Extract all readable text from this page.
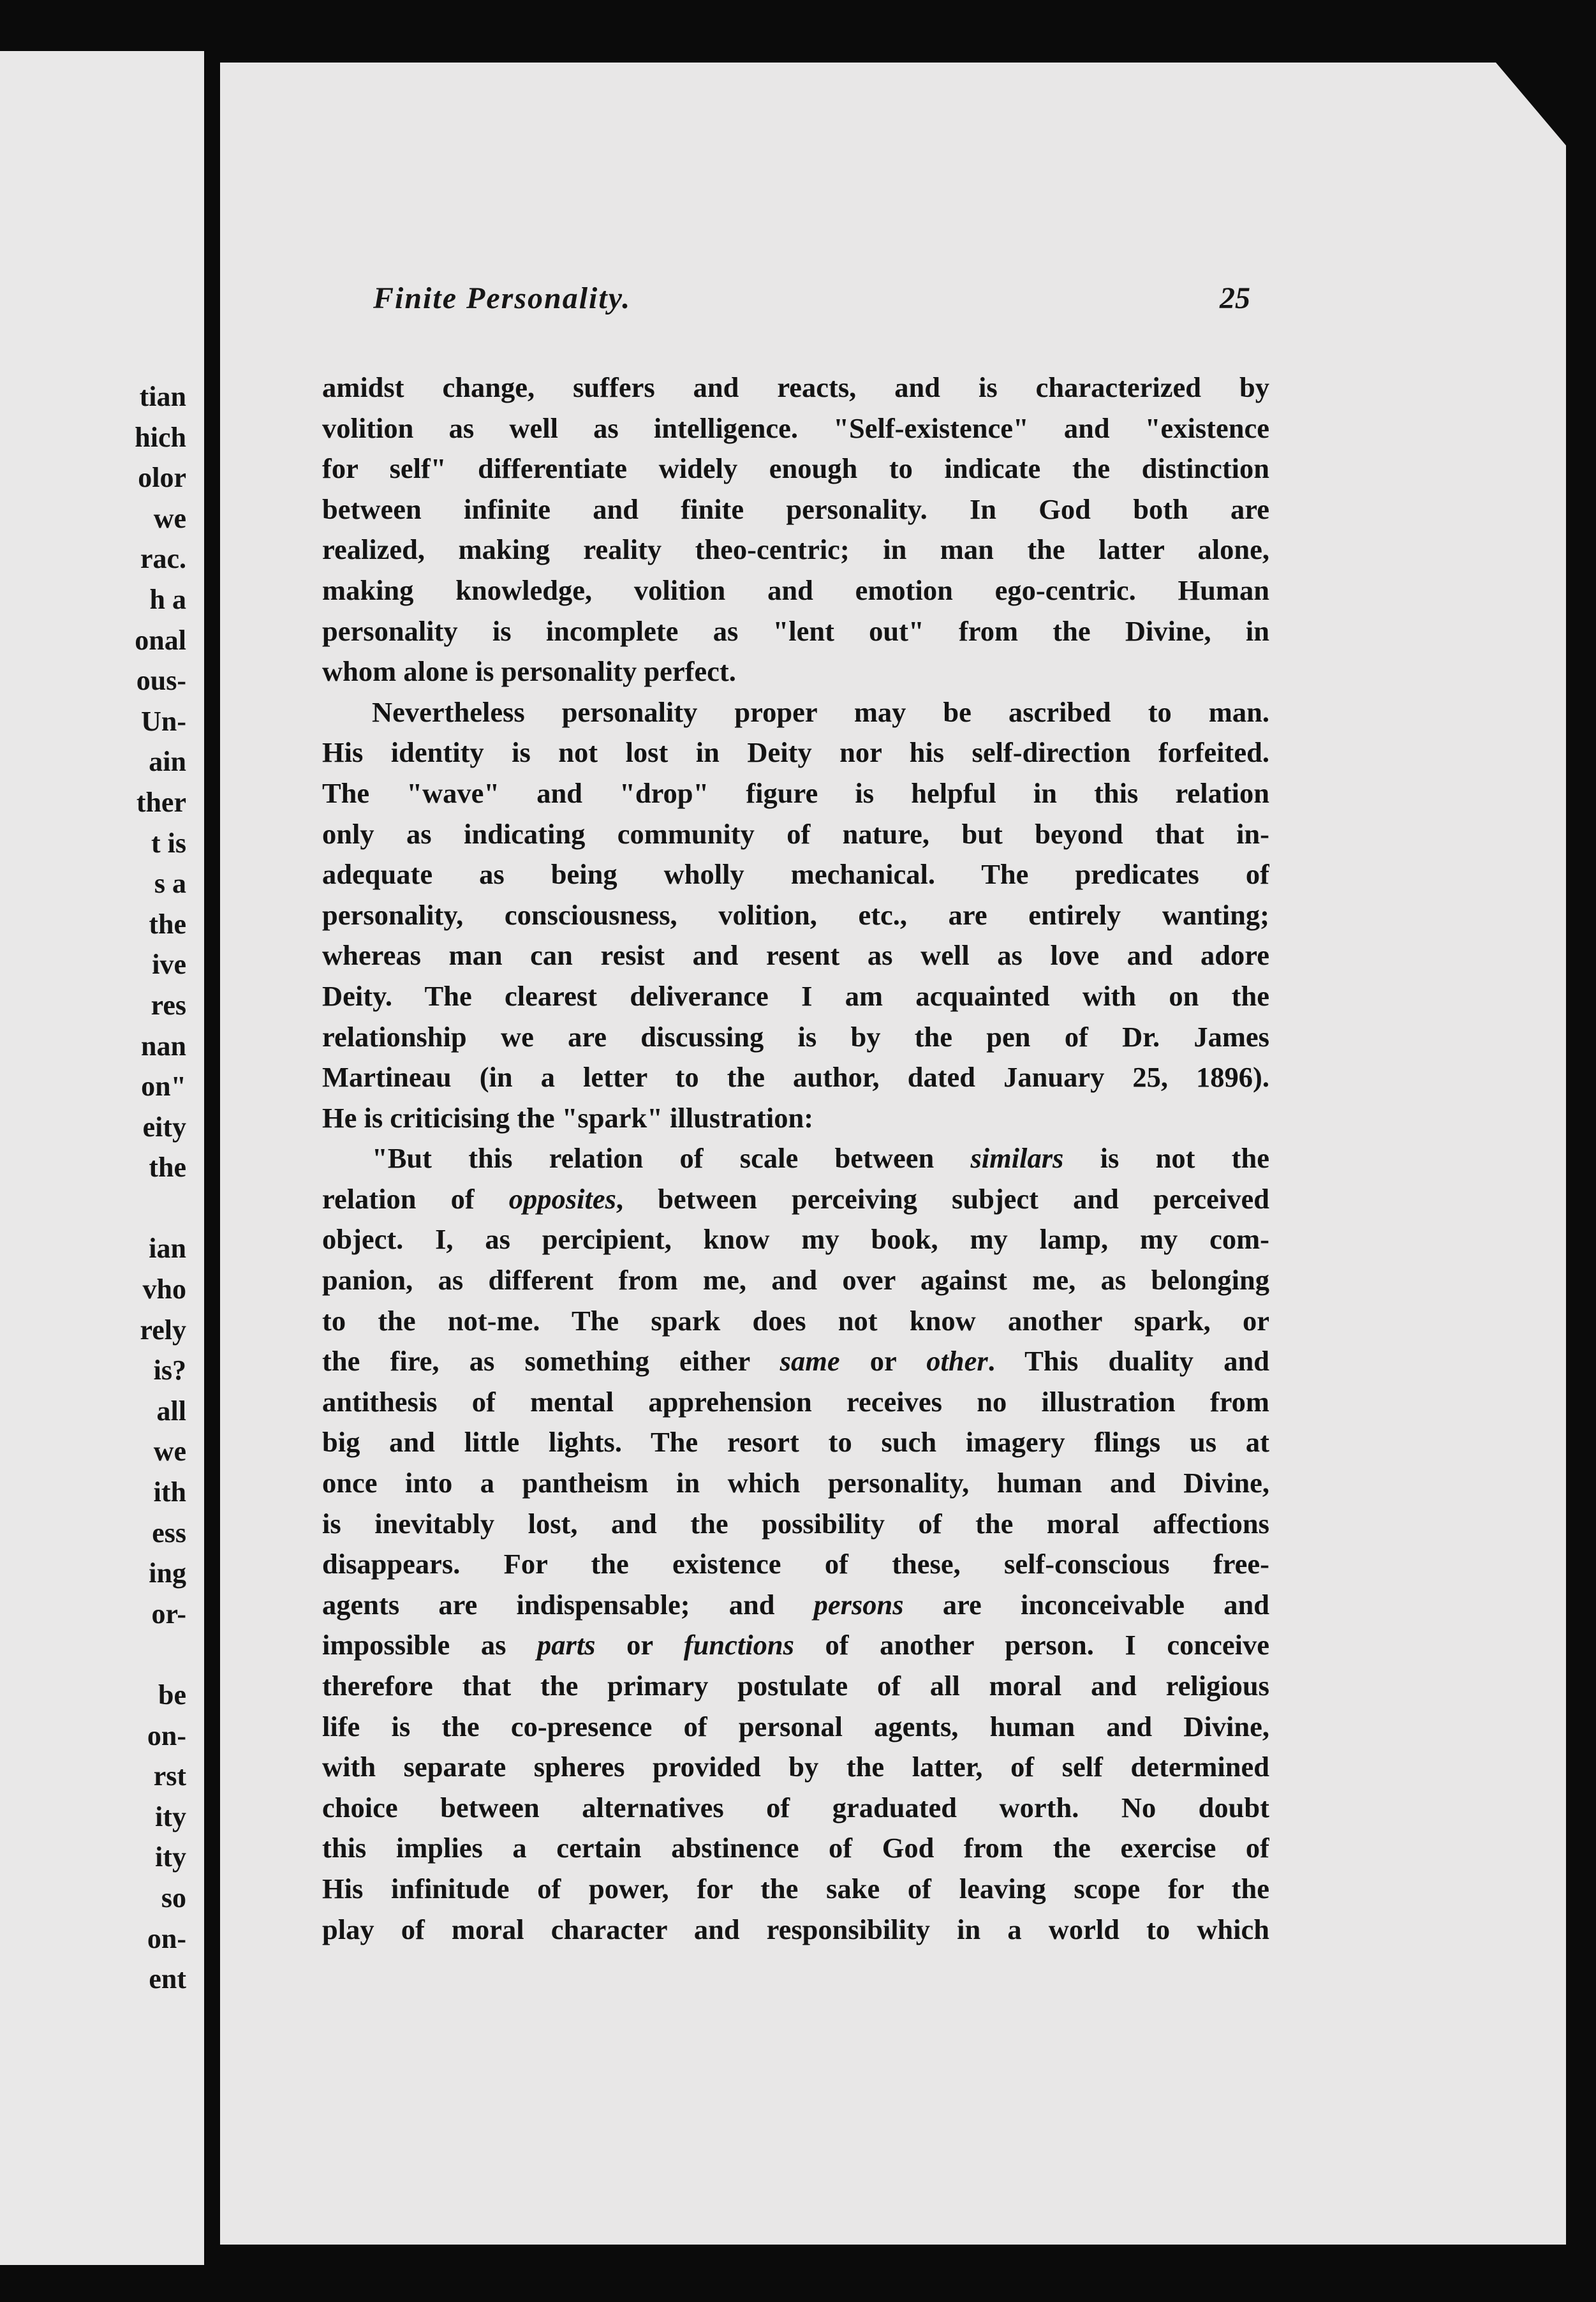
tian
hich
olor
we
rac.
h a
onal
ous-
Un-
ain
ther
t is
s a
the
ive
res
nan
on"
eity
the
ian
vho
rely
is?
all
we
ith
ess
ing
or-
be
on-
rst
ity
ity
so
on-
ent
Finite Personality.	25
amidst change, suffers and reacts, and is characterized by
volition as well as intelligence. "Self-existence" and "existence
for self" differentiate widely enough to indicate the distinction
between infinite and finite personality. In God both are
realized, making reality theo-centric; in man the latter alone,
making knowledge, volition and emotion ego-centric. Human
personality is incomplete as "lent out" from the Divine, in
whom alone is personality perfect.
Nevertheless personality proper may be ascribed to man.
His identity is not lost in Deity nor his self-direction forfeited.
The "wave" and "drop" figure is helpful in this relation
only as indicating community of nature, but beyond that in-
adequate as being wholly mechanical. The predicates of
personality, consciousness, volition, etc., are entirely wanting;
whereas man can resist and resent as well as love and adore
Deity. The clearest deliverance I am acquainted with on the
relationship we are discussing is by the pen of Dr. James
Martineau (in a letter to the author, dated January 25, 1896).
He is criticising the "spark" illustration:
"But this relation of scale between similars is not the
relation of opposites, between perceiving subject and perceived
object. I, as percipient, know my book, my lamp, my com-
panion, as different from me, and over against me, as belonging
to the not-me. The spark does not know another spark, or
the fire, as something either same or other. This duality and
antithesis of mental apprehension receives no illustration from
big and little lights. The resort to such imagery flings us at
once into a pantheism in which personality, human and Divine,
is inevitably lost, and the possibility of the moral affections
disappears. For the existence of these, self-conscious free-
agents are indispensable; and persons are inconceivable and
impossible as parts or functions of another person. I conceive
therefore that the primary postulate of all moral and religious
life is the co-presence of personal agents, human and Divine,
with separate spheres provided by the latter, of self determined
choice between alternatives of graduated worth. No doubt
this implies a certain abstinence of God from the exercise of
His infinitude of power, for the sake of leaving scope for the
play of moral character and responsibility in a world to which
